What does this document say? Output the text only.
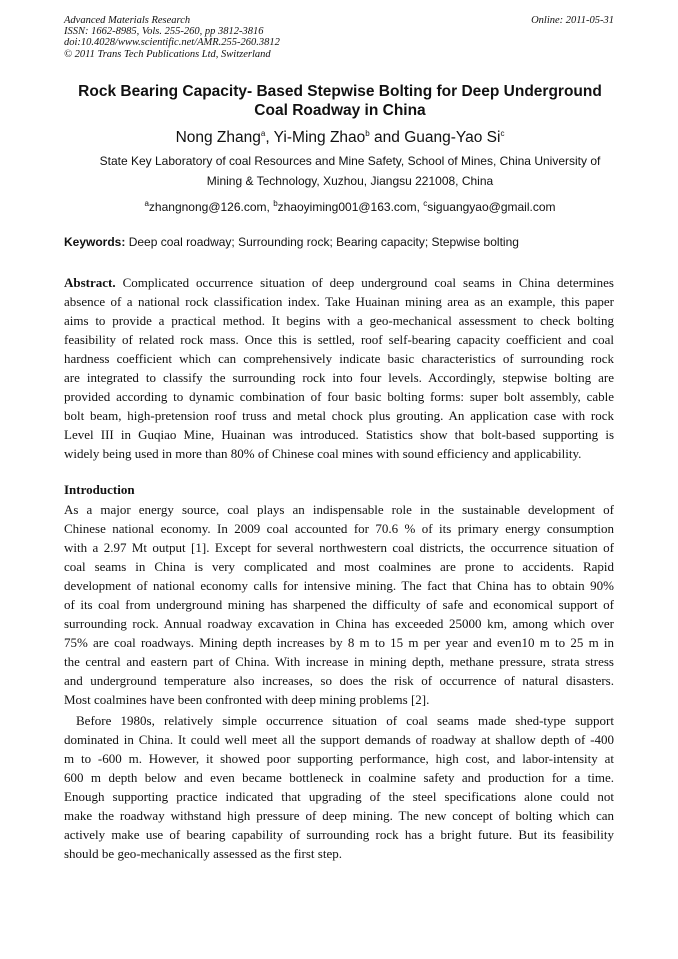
Advanced Materials Research
ISSN: 1662-8985, Vols. 255-260, pp 3812-3816
doi:10.4028/www.scientific.net/AMR.255-260.3812
© 2011 Trans Tech Publications Ltd, Switzerland
Online: 2011-05-31
Rock Bearing Capacity- Based Stepwise Bolting for Deep Underground
Coal Roadway in China
Nong Zhang$^a$, Yi-Ming Zhao$^b$ and Guang-Yao Si$^c$
State Key Laboratory of coal Resources and Mine Safety, School of Mines, China University of
Mining & Technology, Xuzhou, Jiangsu 221008, China
$^a$zhangnong@126.com, $^b$zhaoyiming001@163.com, $^c$siguangyao@gmail.com
Keywords: Deep coal roadway; Surrounding rock; Bearing capacity; Stepwise bolting
Abstract. Complicated occurrence situation of deep underground coal seams in China determines
absence of a national rock classification index. Take Huainan mining area as an example, this paper
aims to provide a practical method. It begins with a geo-mechanical assessment to check bolting
feasibility of related rock mass. Once this is settled, roof self-bearing capacity coefficient and coal
hardness coefficient which can comprehensively indicate basic characteristics of surrounding rock
are integrated to classify the surrounding rock into four levels. Accordingly, stepwise bolting are
provided according to dynamic combination of four basic bolting forms: super bolt assembly, cable
bolt beam, high-pretension roof truss and metal chock plus grouting. An application case with rock
Level III in Guqiao Mine, Huainan was introduced. Statistics show that bolt-based supporting is
widely being used in more than 80% of Chinese coal mines with sound efficiency and applicability.
Introduction
As a major energy source, coal plays an indispensable role in the sustainable development of
Chinese national economy. In 2009 coal accounted for 70.6 % of its primary energy consumption
with a 2.97 Mt output [1]. Except for several northwestern coal districts, the occurrence situation of
coal seams in China is very complicated and most coalmines are prone to accidents. Rapid
development of national economy calls for intensive mining. The fact that China has to obtain 90%
of its coal from underground mining has sharpened the difficulty of safe and economical support of
surrounding rock. Annual roadway excavation in China has exceeded 25000 km, among which over
75% are coal roadways. Mining depth increases by 8 m to 15 m per year and even10 m to 25 m in
the central and eastern part of China. With increase in mining depth, methane pressure, strata stress
and underground temperature also increases, so does the risk of occurrence of natural disasters.
Most coalmines have been confronted with deep mining problems [2].
Before 1980s, relatively simple occurrence situation of coal seams made shed-type support
dominated in China. It could well meet all the support demands of roadway at shallow depth of -400
m to -600 m. However, it showed poor supporting performance, high cost, and labor-intensity at
600 m depth below and even became bottleneck in coalmine safety and production for a time.
Enough supporting practice indicated that upgrading of the steel specifications alone could not
make the roadway withstand high pressure of deep mining. The new concept of bolting which can
actively make use of bearing capability of surrounding rock has a bright future. But its feasibility
should be geo-mechanically assessed as the first step.
